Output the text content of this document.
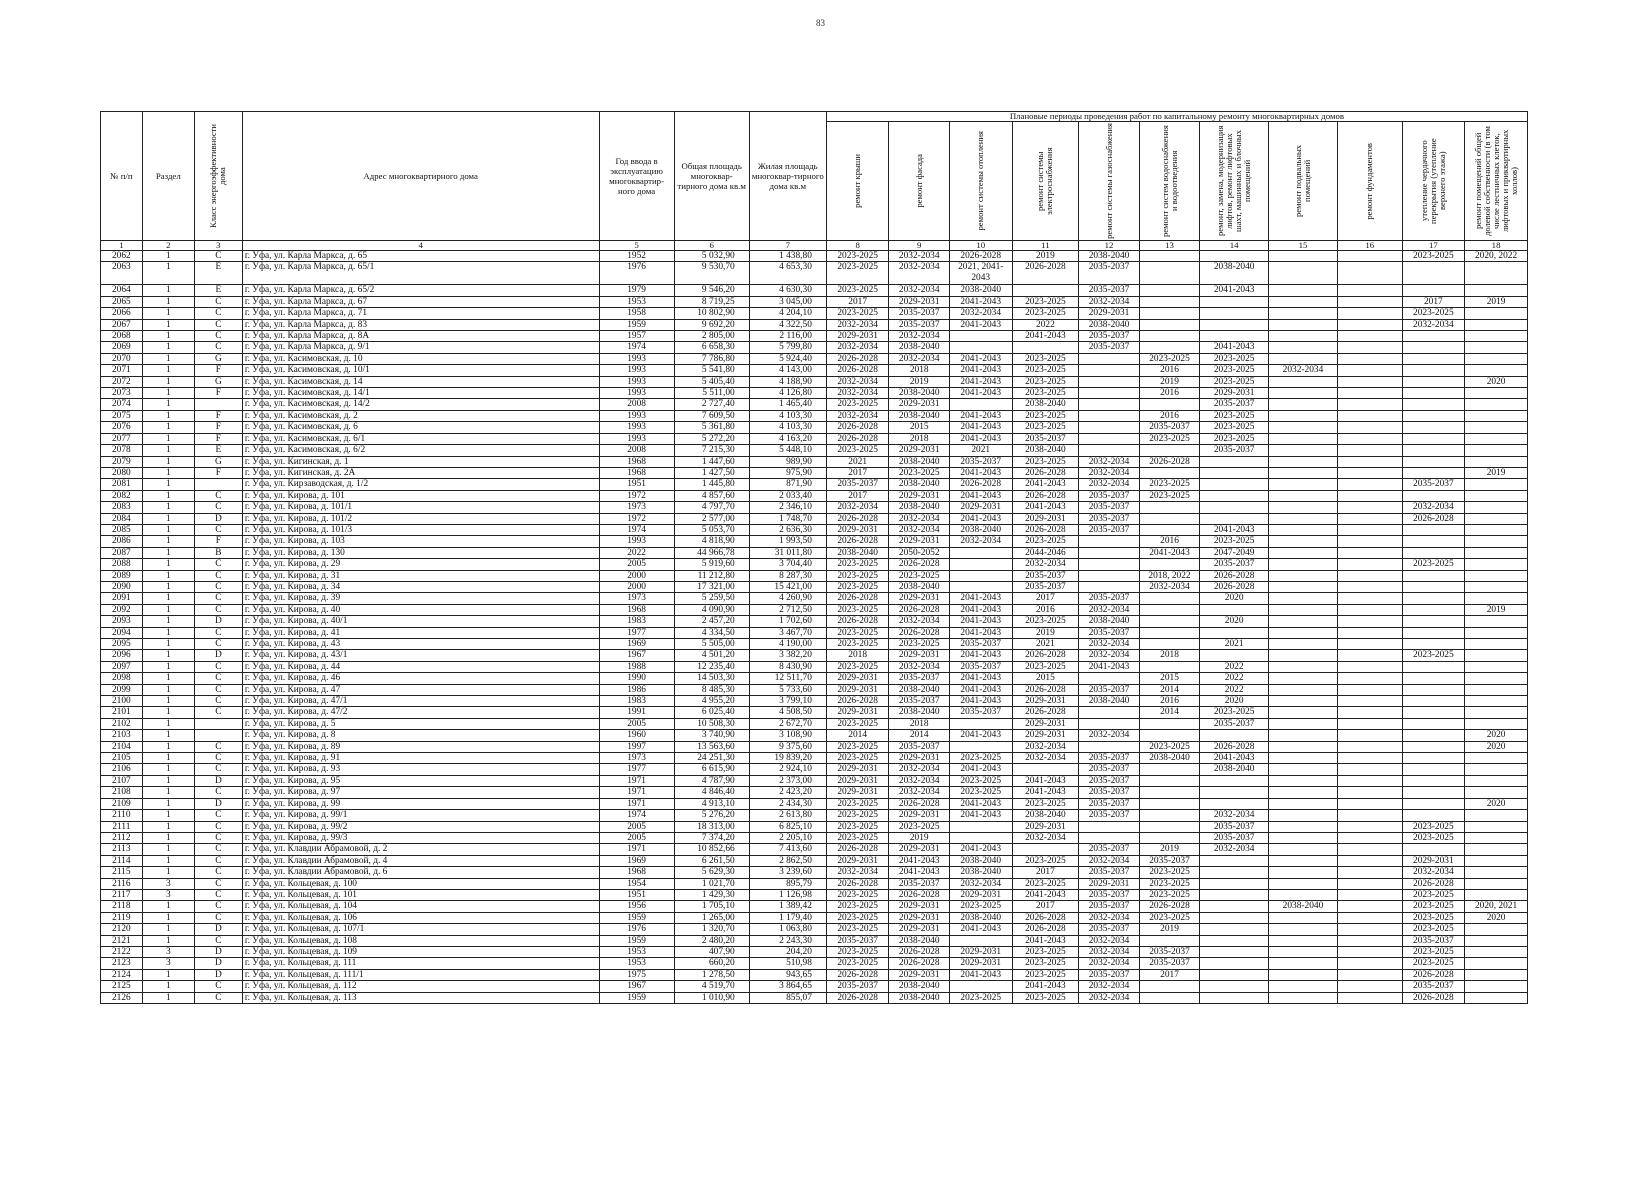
83
№ п/п	Раздел	Класс энергоэффективности дома	Адрес многоквартирного дома	Год ввода в эксплуатацию многоквартир-ного дома	Общая площадь многоквар-тирного дома кв.м	Жилая площадь многоквар-тирного дома кв.м	Плановые периоды проведения работ по капитальному ремонту многоквартирных домов										

							ремонт крыши	ремонт фасада	ремонт системы отопления	ремонт системы электроснабжения	ремонт системы газоснабжения	ремонт систем водоснабжения и водоотведения	ремонт, замена, модернизация лифтов, ремонт лифтовых шахт, машинных и блочных помещений	ремонт подвальных помещений	ремонт фундаментов	утепление чердачного перекрытия (утепление верхнего этажа)	ремонт помещений общей долевой собственности (в том числе лестничных клеток, лифтовых и приквартирных холлов)

1	2	3	4	5	6	7	8	9	10	11	12	13	14	15	16	17	18
2062	1	C	г. Уфа, ул. Карла Маркса, д. 65	1952	5 032,90	1 438,80	2023-2025	2032-2034	2026-2028	2019	2038-2040					2023-2025	2020, 2022
2063	1	E	г. Уфа, ул. Карла Маркса, д. 65/1	1976	9 530,70	4 653,30	2023-2025	2032-2034	2021, 2041-2043	2026-2028	2035-2037		2038-2040				
2064	1	E	г. Уфа, ул. Карла Маркса, д. 65/2	1979	9 546,20	4 630,30	2023-2025	2032-2034	2038-2040		2035-2037		2041-2043				
2065	1	C	г. Уфа, ул. Карла Маркса, д. 67	1953	8 719,25	3 045,00	2017	2029-2031	2041-2043	2023-2025	2032-2034					2017	2019
2066	1	C	г. Уфа, ул. Карла Маркса, д. 71	1958	10 802,90	4 204,10	2023-2025	2035-2037	2032-2034	2023-2025	2029-2031					2023-2025	
2067	1	C	г. Уфа, ул. Карла Маркса, д. 83	1959	9 692,20	4 322,50	2032-2034	2035-2037	2041-2043	2022	2038-2040					2032-2034	
2068	1	C	г. Уфа, ул. Карла Маркса, д. 8А	1957	2 805,00	2 116,00	2029-2031	2032-2034		2041-2043	2035-2037						
2069	1	C	г. Уфа, ул. Карла Маркса, д. 9/1	1974	6 658,30	5 799,80	2032-2034	2038-2040			2035-2037		2041-2043				
2070	1	G	г. Уфа, ул. Касимовская, д. 10	1993	7 786,80	5 924,40	2026-2028	2032-2034	2041-2043	2023-2025		2023-2025	2023-2025				
2071	1	F	г. Уфа, ул. Касимовская, д. 10/1	1993	5 541,80	4 143,00	2026-2028	2018	2041-2043	2023-2025		2016	2023-2025	2032-2034			
2072	1	G	г. Уфа, ул. Касимовская, д. 14	1993	5 405,40	4 188,90	2032-2034	2019	2041-2043	2023-2025		2019	2023-2025				2020
2073	1	F	г. Уфа, ул. Касимовская, д. 14/1	1993	5 511,00	4 126,80	2032-2034	2038-2040	2041-2043	2023-2025		2016	2029-2031				
2074	1		г. Уфа, ул. Касимовская, д. 14/2	2008	2 727,40	1 465,40	2023-2025	2029-2031		2038-2040			2035-2037				
2075	1	F	г. Уфа, ул. Касимовская, д. 2	1993	7 609,50	4 103,30	2032-2034	2038-2040	2041-2043	2023-2025		2016	2023-2025				
2076	1	F	г. Уфа, ул. Касимовская, д. 6	1993	5 361,80	4 103,30	2026-2028	2015	2041-2043	2023-2025		2035-2037	2023-2025				
2077	1	F	г. Уфа, ул. Касимовская, д. 6/1	1993	5 272,20	4 163,20	2026-2028	2018	2041-2043	2035-2037		2023-2025	2023-2025				
2078	1	E	г. Уфа, ул. Касимовская, д. 6/2	2008	7 215,30	5 448,10	2023-2025	2029-2031	2021	2038-2040			2035-2037				
2079	1	G	г. Уфа, ул. Кигинская, д. 1	1968	1 447,60	989,90	2021	2038-2040	2035-2037	2023-2025	2032-2034	2026-2028					
2080	1	F	г. Уфа, ул. Кигинская, д. 2А	1968	1 427,50	975,90	2017	2023-2025	2041-2043	2026-2028	2032-2034						2019
2081	1		г. Уфа, ул. Кирзаводская, д. 1/2	1951	1 445,80	871,90	2035-2037	2038-2040	2026-2028	2041-2043	2032-2034	2023-2025				2035-2037	
2082	1	C	г. Уфа, ул. Кирова, д. 101	1972	4 857,60	2 033,40	2017	2029-2031	2041-2043	2026-2028	2035-2037	2023-2025					
2083	1	C	г. Уфа, ул. Кирова, д. 101/1	1973	4 797,70	2 346,10	2032-2034	2038-2040	2029-2031	2041-2043	2035-2037					2032-2034	
2084	1	D	г. Уфа, ул. Кирова, д. 101/2	1972	2 577,00	1 748,70	2026-2028	2032-2034	2041-2043	2029-2031	2035-2037					2026-2028	
2085	1	C	г. Уфа, ул. Кирова, д. 101/3	1974	5 053,70	2 636,30	2029-2031	2032-2034	2038-2040	2026-2028	2035-2037		2041-2043				
2086	1	F	г. Уфа, ул. Кирова, д. 103	1993	4 818,90	1 993,50	2026-2028	2029-2031	2032-2034	2023-2025		2016	2023-2025				
2087	1	B	г. Уфа, ул. Кирова, д. 130	2022	44 966,78	31 011,80	2038-2040	2050-2052		2044-2046		2041-2043	2047-2049				
2088	1	C	г. Уфа, ул. Кирова, д. 29	2005	5 919,60	3 704,40	2023-2025	2026-2028		2032-2034			2035-2037			2023-2025	
2089	1	C	г. Уфа, ул. Кирова, д. 31	2000	11 212,80	8 287,30	2023-2025	2023-2025		2035-2037		2018, 2022	2026-2028				
2090	1	C	г. Уфа, ул. Кирова, д. 34	2000	17 321,00	15 421,00	2023-2025	2038-2040		2035-2037		2032-2034	2026-2028				
2091	1	C	г. Уфа, ул. Кирова, д. 39	1973	5 259,50	4 260,90	2026-2028	2029-2031	2041-2043	2017	2035-2037		2020				
2092	1	C	г. Уфа, ул. Кирова, д. 40	1968	4 090,90	2 712,50	2023-2025	2026-2028	2041-2043	2016	2032-2034						2019
2093	1	D	г. Уфа, ул. Кирова, д. 40/1	1983	2 457,20	1 702,60	2026-2028	2032-2034	2041-2043	2023-2025	2038-2040		2020				
2094	1	C	г. Уфа, ул. Кирова, д. 41	1977	4 334,50	3 467,70	2023-2025	2026-2028	2041-2043	2019	2035-2037						
2095	1	C	г. Уфа, ул. Кирова, д. 43	1969	5 505,00	4 190,00	2023-2025	2023-2025	2035-2037	2021	2032-2034		2021				
2096	1	D	г. Уфа, ул. Кирова, д. 43/1	1967	4 501,20	3 382,20	2018	2029-2031	2041-2043	2026-2028	2032-2034	2018				2023-2025	
2097	1	C	г. Уфа, ул. Кирова, д. 44	1988	12 235,40	8 430,90	2023-2025	2032-2034	2035-2037	2023-2025	2041-2043		2022				
2098	1	C	г. Уфа, ул. Кирова, д. 46	1990	14 503,30	12 511,70	2029-2031	2035-2037	2041-2043	2015		2015	2022				
2099	1	C	г. Уфа, ул. Кирова, д. 47	1986	8 485,30	5 733,60	2029-2031	2038-2040	2041-2043	2026-2028	2035-2037	2014	2022				
2100	1	C	г. Уфа, ул. Кирова, д. 47/1	1983	4 955,20	3 799,10	2026-2028	2035-2037	2041-2043	2029-2031	2038-2040	2016	2020				
2101	1	C	г. Уфа, ул. Кирова, д. 47/2	1991	6 025,40	4 508,50	2029-2031	2038-2040	2035-2037	2026-2028		2014	2023-2025				
2102	1		г. Уфа, ул. Кирова, д. 5	2005	10 508,30	2 672,70	2023-2025	2018		2029-2031			2035-2037				
2103	1		г. Уфа, ул. Кирова, д. 8	1960	3 740,90	3 108,90	2014	2014	2041-2043	2029-2031	2032-2034						2020
2104	1	C	г. Уфа, ул. Кирова, д. 89	1997	13 563,60	9 375,60	2023-2025	2035-2037		2032-2034		2023-2025	2026-2028				2020
2105	1	C	г. Уфа, ул. Кирова, д. 91	1973	24 251,30	19 839,20	2023-2025	2029-2031	2023-2025	2032-2034	2035-2037	2038-2040	2041-2043				
2106	1	C	г. Уфа, ул. Кирова, д. 93	1977	6 615,90	2 924,10	2029-2031	2032-2034	2041-2043		2035-2037		2038-2040				
2107	1	D	г. Уфа, ул. Кирова, д. 95	1971	4 787,90	2 373,00	2029-2031	2032-2034	2023-2025	2041-2043	2035-2037						
2108	1	C	г. Уфа, ул. Кирова, д. 97	1971	4 846,40	2 423,20	2029-2031	2032-2034	2023-2025	2041-2043	2035-2037						
2109	1	D	г. Уфа, ул. Кирова, д. 99	1971	4 913,10	2 434,30	2023-2025	2026-2028	2041-2043	2023-2025	2035-2037						2020
2110	1	C	г. Уфа, ул. Кирова, д. 99/1	1974	5 276,20	2 613,80	2023-2025	2029-2031	2041-2043	2038-2040	2035-2037		2032-2034				
2111	1	C	г. Уфа, ул. Кирова, д. 99/2	2005	18 313,00	6 825,10	2023-2025	2023-2025		2029-2031			2035-2037			2023-2025	
2112	1	C	г. Уфа, ул. Кирова, д. 99/3	2005	7 374,20	2 205,10	2023-2025	2019		2032-2034			2035-2037			2023-2025	
2113	1	C	г. Уфа, ул. Клавдии Абрамовой, д. 2	1971	10 852,66	7 413,60	2026-2028	2029-2031	2041-2043		2035-2037	2019	2032-2034				
2114	1	C	г. Уфа, ул. Клавдии Абрамовой, д. 4	1969	6 261,50	2 862,50	2029-2031	2041-2043	2038-2040	2023-2025	2032-2034	2035-2037				2029-2031	
2115	1	C	г. Уфа, ул. Клавдии Абрамовой, д. 6	1968	5 629,30	3 239,60	2032-2034	2041-2043	2038-2040	2017	2035-2037	2023-2025				2032-2034	
2116	3	C	г. Уфа, ул. Кольцевая, д. 100	1954	1 021,70	895,79	2026-2028	2035-2037	2032-2034	2023-2025	2029-2031	2023-2025				2026-2028	
2117	3	C	г. Уфа, ул. Кольцевая, д. 101	1951	1 429,30	1 126,98	2023-2025	2026-2028	2029-2031	2041-2043	2035-2037	2023-2025				2023-2025	
2118	1	C	г. Уфа, ул. Кольцевая, д. 104	1956	1 705,10	1 389,42	2023-2025	2029-2031	2023-2025	2017	2035-2037	2026-2028		2038-2040		2023-2025	2020, 2021
2119	1	C	г. Уфа, ул. Кольцевая, д. 106	1959	1 265,00	1 179,40	2023-2025	2029-2031	2038-2040	2026-2028	2032-2034	2023-2025				2023-2025	2020
2120	1	D	г. Уфа, ул. Кольцевая, д. 107/1	1976	1 320,70	1 063,80	2023-2025	2029-2031	2041-2043	2026-2028	2035-2037	2019				2023-2025	
2121	1	C	г. Уфа, ул. Кольцевая, д. 108	1959	2 480,20	2 243,30	2035-2037	2038-2040		2041-2043	2032-2034					2035-2037	
2122	3	D	г. Уфа, ул. Кольцевая, д. 109	1953	407,90	204,20	2023-2025	2026-2028	2029-2031	2023-2025	2032-2034	2035-2037				2023-2025	
2123	3	D	г. Уфа, ул. Кольцевая, д. 111	1953	660,20	510,98	2023-2025	2026-2028	2029-2031	2023-2025	2032-2034	2035-2037				2023-2025	
2124	1	D	г. Уфа, ул. Кольцевая, д. 111/1	1975	1 278,50	943,65	2026-2028	2029-2031	2041-2043	2023-2025	2035-2037	2017				2026-2028	
2125	1	C	г. Уфа, ул. Кольцевая, д. 112	1967	4 519,70	3 864,65	2035-2037	2038-2040		2041-2043	2032-2034					2035-2037	
2126	1	C	г. Уфа, ул. Кольцевая, д. 113	1959	1 010,90	855,07	2026-2028	2038-2040	2023-2025	2023-2025	2032-2034					2026-2028	
